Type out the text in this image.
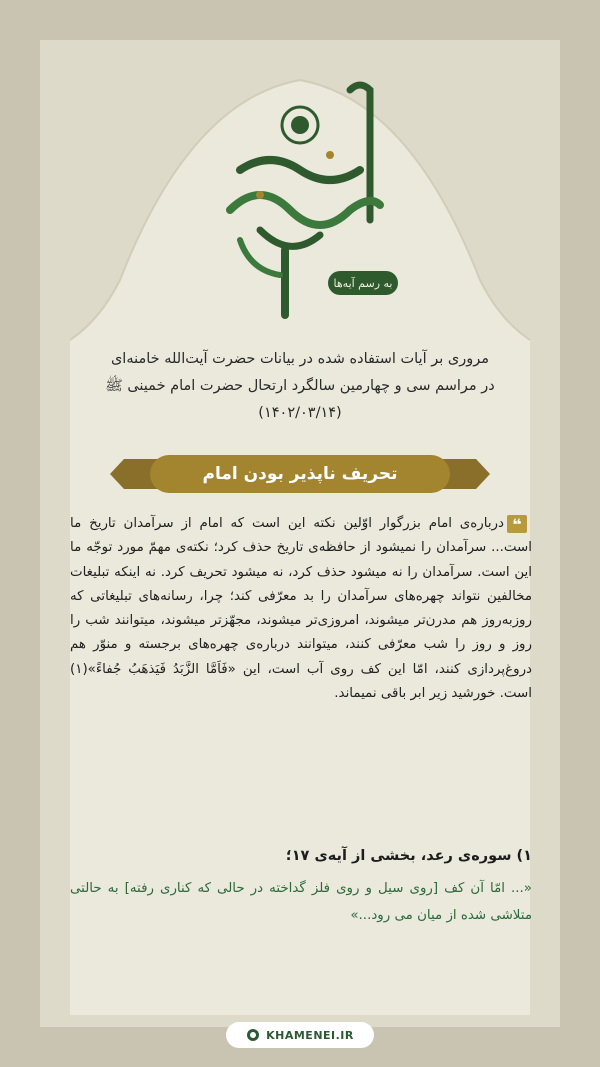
به رسم آیه‌ها
مروری بر آیات استفاده شده در بیانات حضرت آیت‌الله خامنه‌ای
در مراسم سی و چهارمین سالگرد ارتحال حضرت امام خمینی ﷺ
(۱۴۰۲/۰۳/۱۴)
تحریف ناپذیر بودن امام
❝
درباره‌ی امام بزرگوار اوّلین نکته این است که امام از سرآمدان تاریخ ما است... سرآمدان را نمیشود از حافظه‌ی تاریخ حذف کرد؛ نکته‌ی مهمّ مورد توجّه ما این است. سرآمدان را نه میشود حذف کرد، نه میشود تحریف کرد. نه اینکه تبلیغات مخالفین نتواند چهره‌های سرآمدان را بد معرّفی کند؛ چرا، رسانه‌های تبلیغاتی که روزبه‌روز هم مدرن‌تر میشوند، امروزی‌تر میشوند، مجهّزتر میشوند، میتوانند شب را روز و روز را شب معرّفی کنند، میتوانند درباره‌ی چهره‌های برجسته و منوّر هم دروغ‌پردازی کنند، امّا این کف روی آب است، این «فَاَمَّا الزَّبَدُ فَیَذهَبُ جُفاءً»(۱) است. خورشید زیر ابر باقی نمیماند.
۱) سوره‌ی رعد، بخشی از آیه‌ی ۱۷؛
«... امّا آن کف [روی سیل و روی فلز گداخته در حالی که کناری رفته] به حالتی متلاشی شده از میان می رود...»
KHAMENEI.IR
